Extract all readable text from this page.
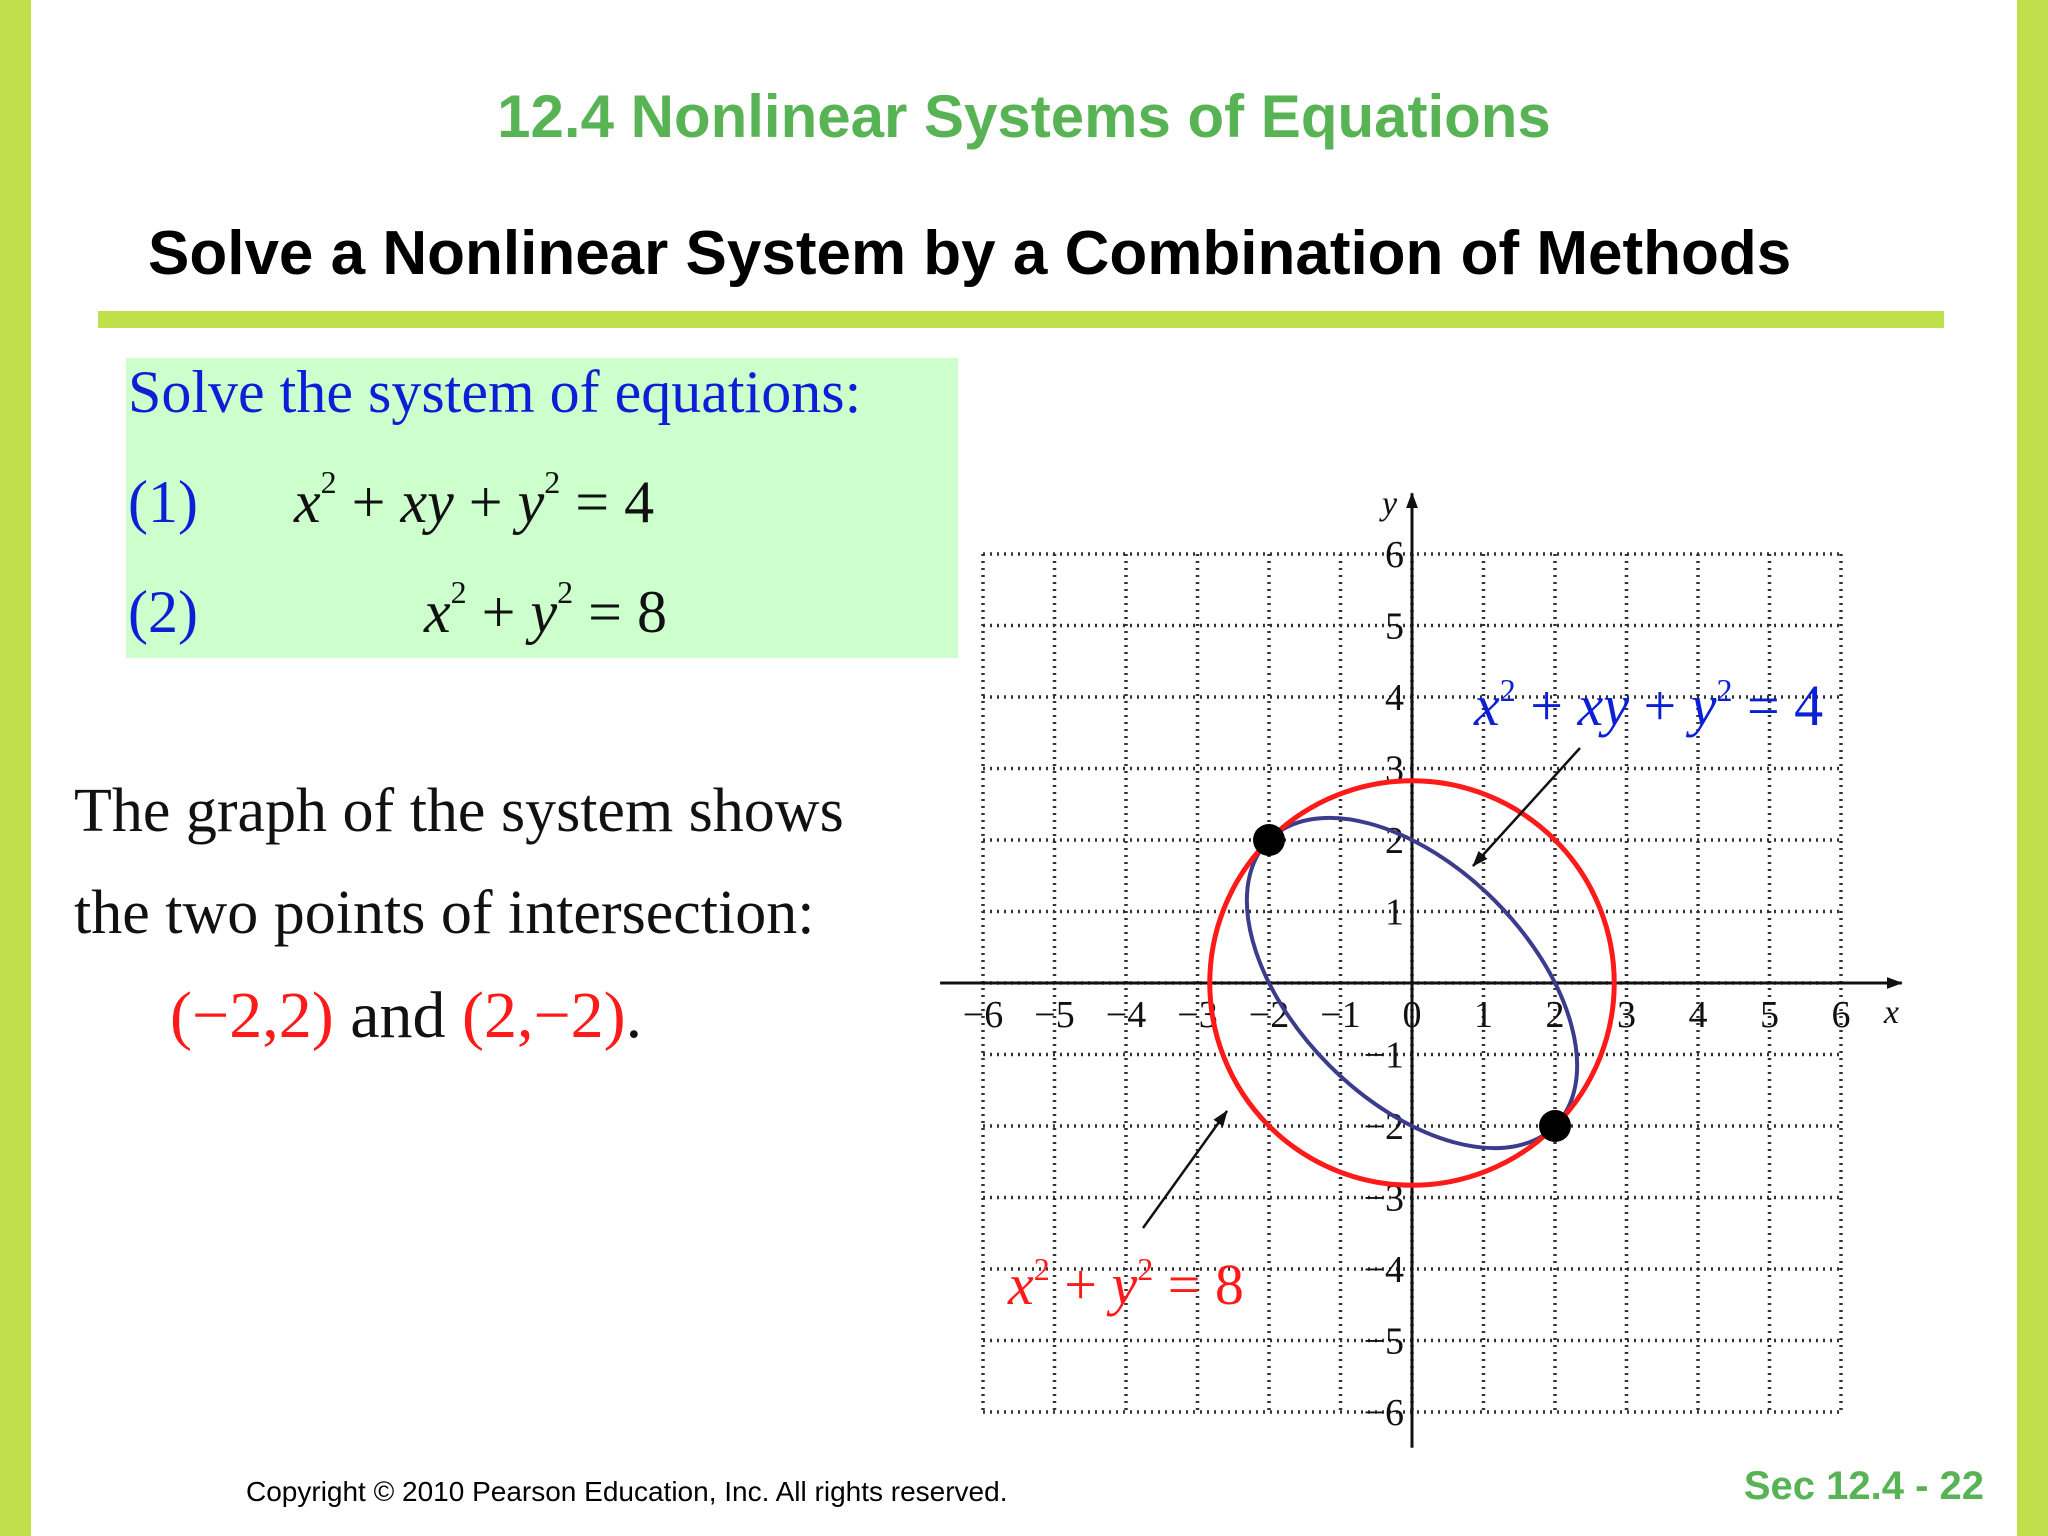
12.4 Nonlinear Systems of Equations
Solve a Nonlinear System by a Combination of Methods
Solve the system of equations:
(1) $x^2$ + xy + $y^2 = 4$
(2)	$x^2 + y^2 = 8$
The graph of the system shows
the two points of intersection:
(−2,2) and (2,−2).	x
y
−6 −5 −4 −3 −2 −1 0 1 2 3 4 5 6
6
5
4
3
2
1
−1
−2
−3
−4
−5
−6
$x^2$ + xy + $y^2 = 4$
$x^2 + y^2 = 8$
Copyright © 2010 Pearson Education, Inc. All rights reserved.	Sec 12.4 - 22
